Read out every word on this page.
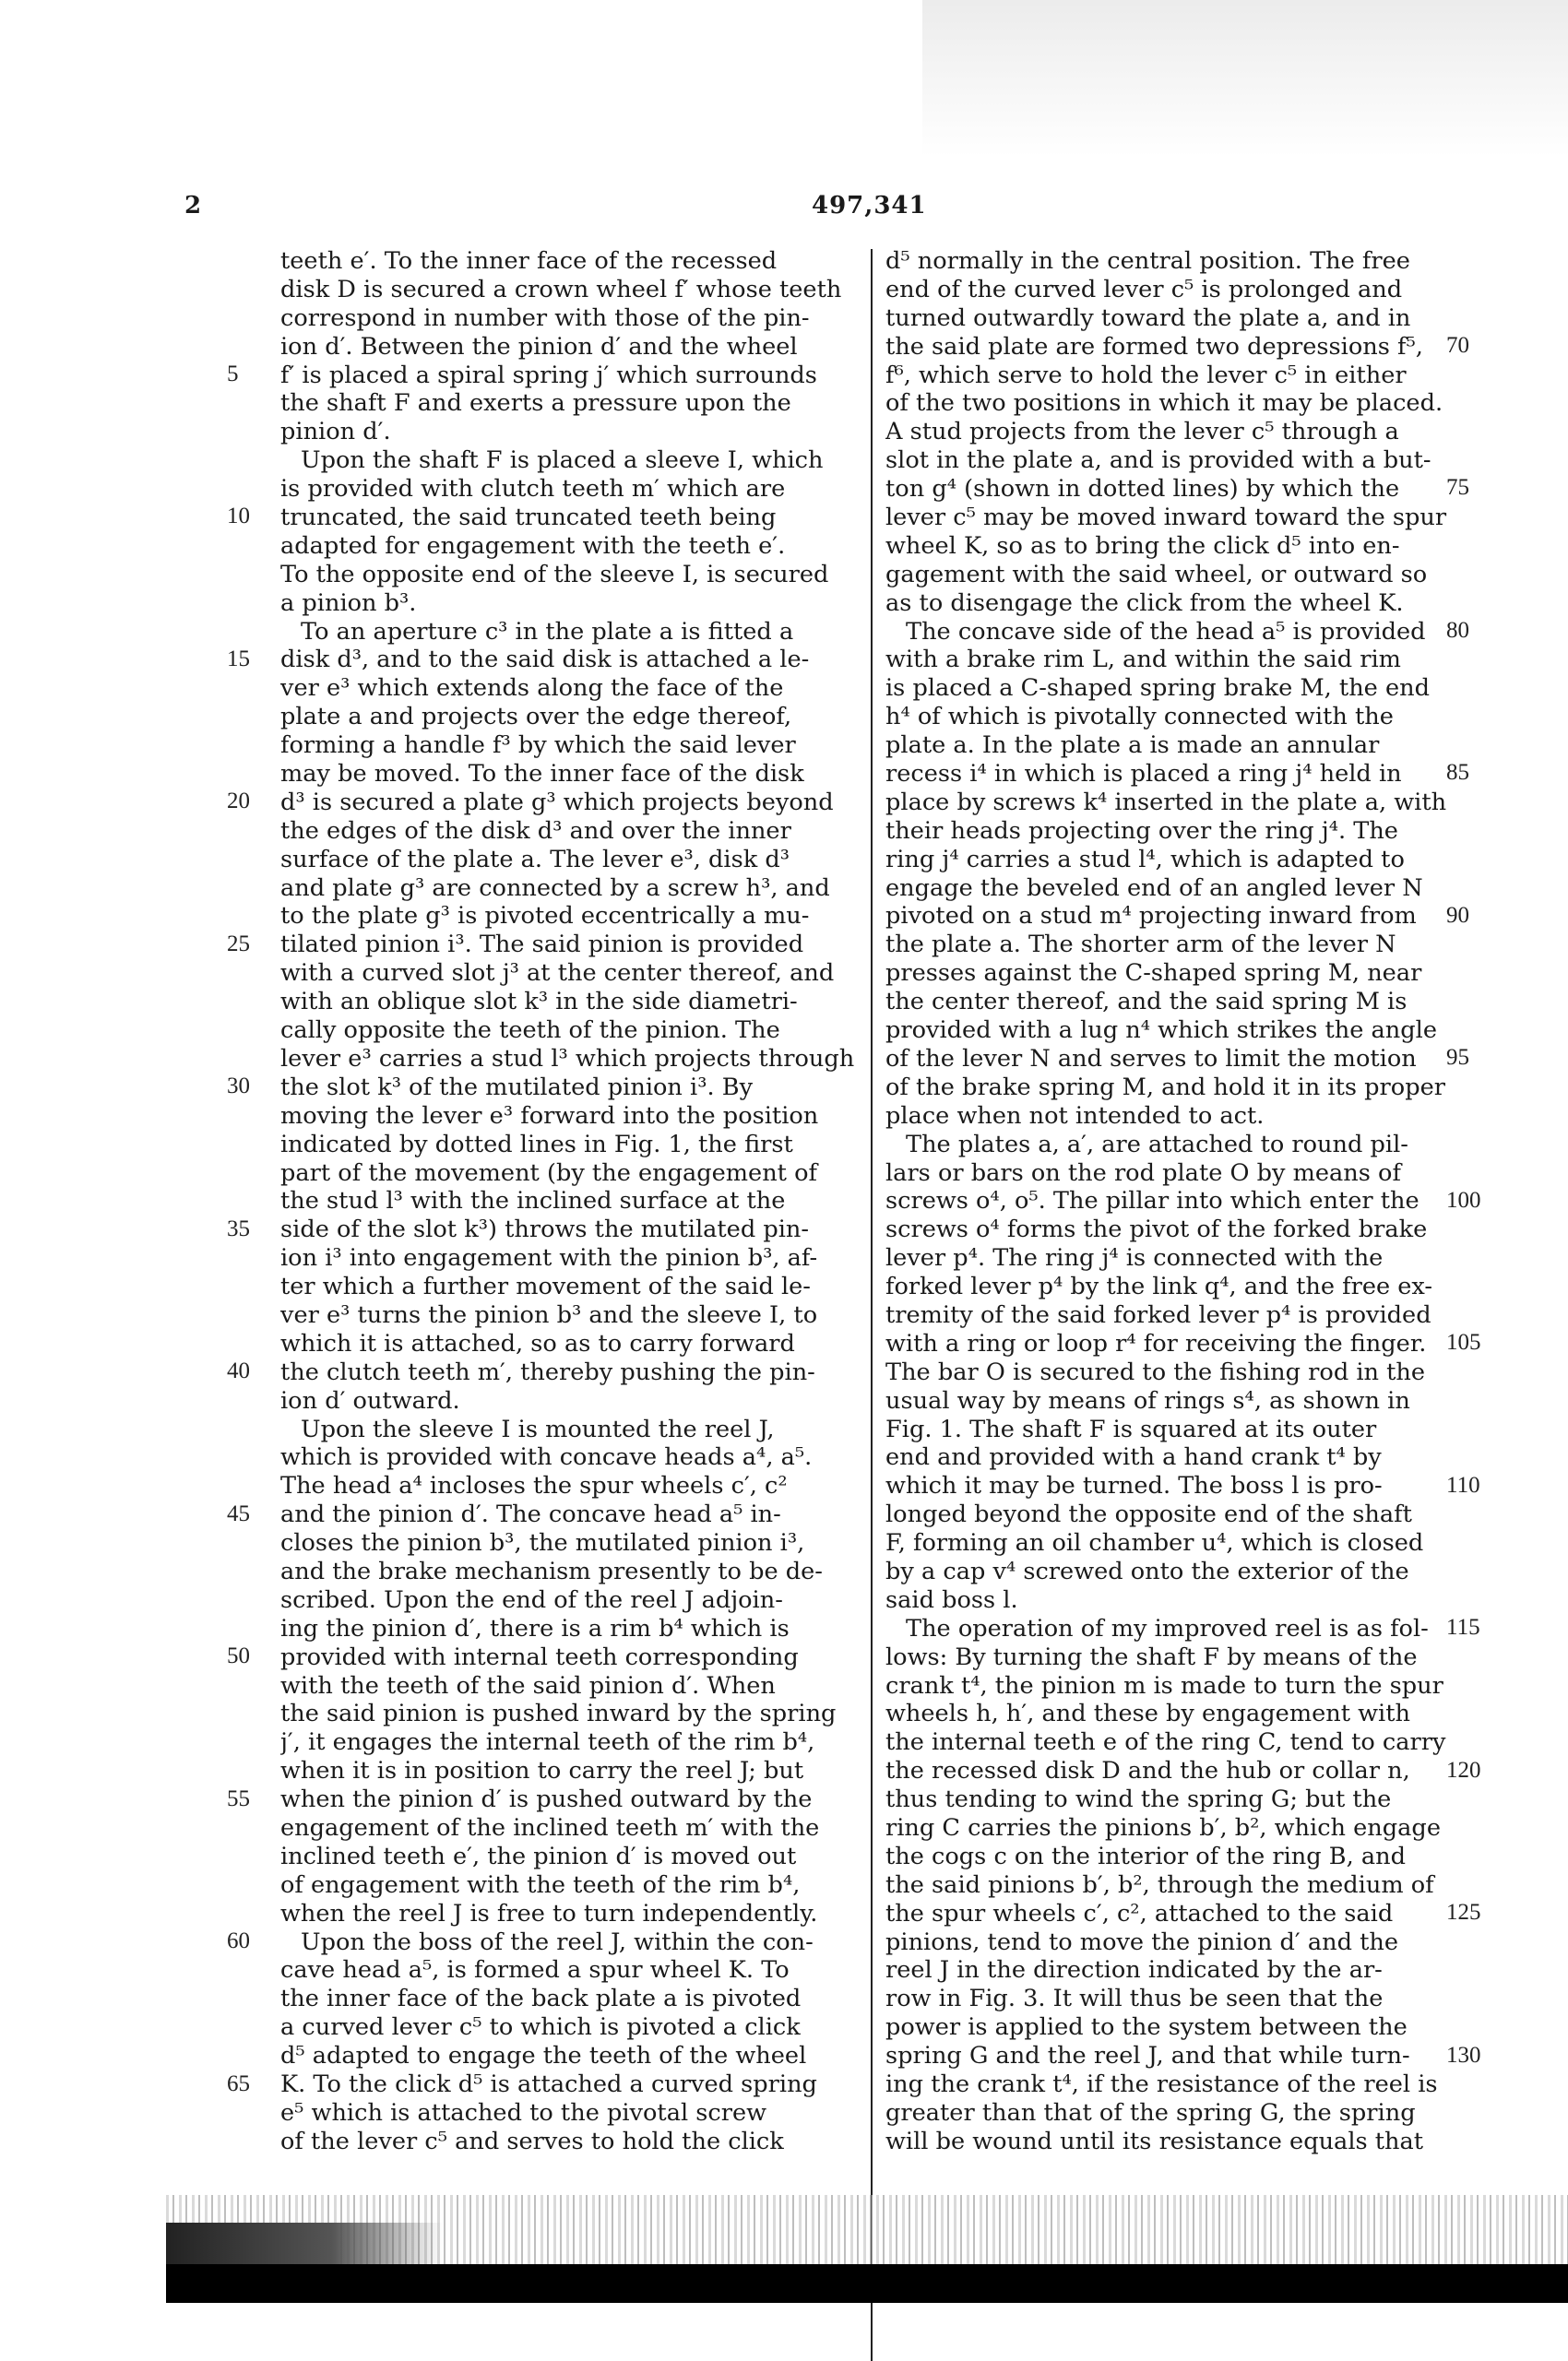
2	497,341
teeth e′. To the inner face of the recessed
disk D is secured a crown wheel f′ whose teeth
correspond in number with those of the pin-
ion d′. Between the pinion d′ and the wheel
f′ is placed a spiral spring j′ which surrounds
the shaft F and exerts a pressure upon the
pinion d′.
Upon the shaft F is placed a sleeve I, which
is provided with clutch teeth m′ which are
truncated, the said truncated teeth being
adapted for engagement with the teeth e′.
To the opposite end of the sleeve I, is secured
a pinion b³.
To an aperture c³ in the plate a is fitted a
disk d³, and to the said disk is attached a le-
ver e³ which extends along the face of the
plate a and projects over the edge thereof,
forming a handle f³ by which the said lever
may be moved. To the inner face of the disk
d³ is secured a plate g³ which projects beyond
the edges of the disk d³ and over the inner
surface of the plate a. The lever e³, disk d³
and plate g³ are connected by a screw h³, and
to the plate g³ is pivoted eccentrically a mu-
tilated pinion i³. The said pinion is provided
with a curved slot j³ at the center thereof, and
with an oblique slot k³ in the side diametri-
cally opposite the teeth of the pinion. The
lever e³ carries a stud l³ which projects through
the slot k³ of the mutilated pinion i³. By
moving the lever e³ forward into the position
indicated by dotted lines in Fig. 1, the first
part of the movement (by the engagement of
the stud l³ with the inclined surface at the
side of the slot k³) throws the mutilated pin-
ion i³ into engagement with the pinion b³, af-
ter which a further movement of the said le-
ver e³ turns the pinion b³ and the sleeve I, to
which it is attached, so as to carry forward
the clutch teeth m′, thereby pushing the pin-
ion d′ outward.
Upon the sleeve I is mounted the reel J,
which is provided with concave heads a⁴, a⁵.
The head a⁴ incloses the spur wheels c′, c²
and the pinion d′. The concave head a⁵ in-
closes the pinion b³, the mutilated pinion i³,
and the brake mechanism presently to be de-
scribed. Upon the end of the reel J adjoin-
ing the pinion d′, there is a rim b⁴ which is
provided with internal teeth corresponding
with the teeth of the said pinion d′. When
the said pinion is pushed inward by the spring
j′, it engages the internal teeth of the rim b⁴,
when it is in position to carry the reel J; but
when the pinion d′ is pushed outward by the
engagement of the inclined teeth m′ with the
inclined teeth e′, the pinion d′ is moved out
of engagement with the teeth of the rim b⁴,
when the reel J is free to turn independently.
Upon the boss of the reel J, within the con-
cave head a⁵, is formed a spur wheel K. To
the inner face of the back plate a is pivoted
a curved lever c⁵ to which is pivoted a click
d⁵ adapted to engage the teeth of the wheel
K. To the click d⁵ is attached a curved spring
e⁵ which is attached to the pivotal screw
of the lever c⁵ and serves to hold the click
d⁵ normally in the central position. The free
end of the curved lever c⁵ is prolonged and
turned outwardly toward the plate a, and in
the said plate are formed two depressions f⁵,
f⁶, which serve to hold the lever c⁵ in either
of the two positions in which it may be placed.
A stud projects from the lever c⁵ through a
slot in the plate a, and is provided with a but-
ton g⁴ (shown in dotted lines) by which the
lever c⁵ may be moved inward toward the spur
wheel K, so as to bring the click d⁵ into en-
gagement with the said wheel, or outward so
as to disengage the click from the wheel K.
The concave side of the head a⁵ is provided
with a brake rim L, and within the said rim
is placed a C-shaped spring brake M, the end
h⁴ of which is pivotally connected with the
plate a. In the plate a is made an annular
recess i⁴ in which is placed a ring j⁴ held in
place by screws k⁴ inserted in the plate a, with
their heads projecting over the ring j⁴. The
ring j⁴ carries a stud l⁴, which is adapted to
engage the beveled end of an angled lever N
pivoted on a stud m⁴ projecting inward from
the plate a. The shorter arm of the lever N
presses against the C-shaped spring M, near
the center thereof, and the said spring M is
provided with a lug n⁴ which strikes the angle
of the lever N and serves to limit the motion
of the brake spring M, and hold it in its proper
place when not intended to act.
The plates a, a′, are attached to round pil-
lars or bars on the rod plate O by means of
screws o⁴, o⁵. The pillar into which enter the
screws o⁴ forms the pivot of the forked brake
lever p⁴. The ring j⁴ is connected with the
forked lever p⁴ by the link q⁴, and the free ex-
tremity of the said forked lever p⁴ is provided
with a ring or loop r⁴ for receiving the finger.
The bar O is secured to the fishing rod in the
usual way by means of rings s⁴, as shown in
Fig. 1. The shaft F is squared at its outer
end and provided with a hand crank t⁴ by
which it may be turned. The boss l is pro-
longed beyond the opposite end of the shaft
F, forming an oil chamber u⁴, which is closed
by a cap v⁴ screwed onto the exterior of the
said boss l.
The operation of my improved reel is as fol-
lows: By turning the shaft F by means of the
crank t⁴, the pinion m is made to turn the spur
wheels h, h′, and these by engagement with
the internal teeth e of the ring C, tend to carry
the recessed disk D and the hub or collar n,
thus tending to wind the spring G; but the
ring C carries the pinions b′, b², which engage
the cogs c on the interior of the ring B, and
the said pinions b′, b², through the medium of
the spur wheels c′, c², attached to the said
pinions, tend to move the pinion d′ and the
reel J in the direction indicated by the ar-
row in Fig. 3. It will thus be seen that the
power is applied to the system between the
spring G and the reel J, and that while turn-
ing the crank t⁴, if the resistance of the reel is
greater than that of the spring G, the spring
will be wound until its resistance equals that
5
10
15
20
25
30
35
40
45
50
55
60
65
70
75
80
85
90
95
100
105
110
115
120
125
130
